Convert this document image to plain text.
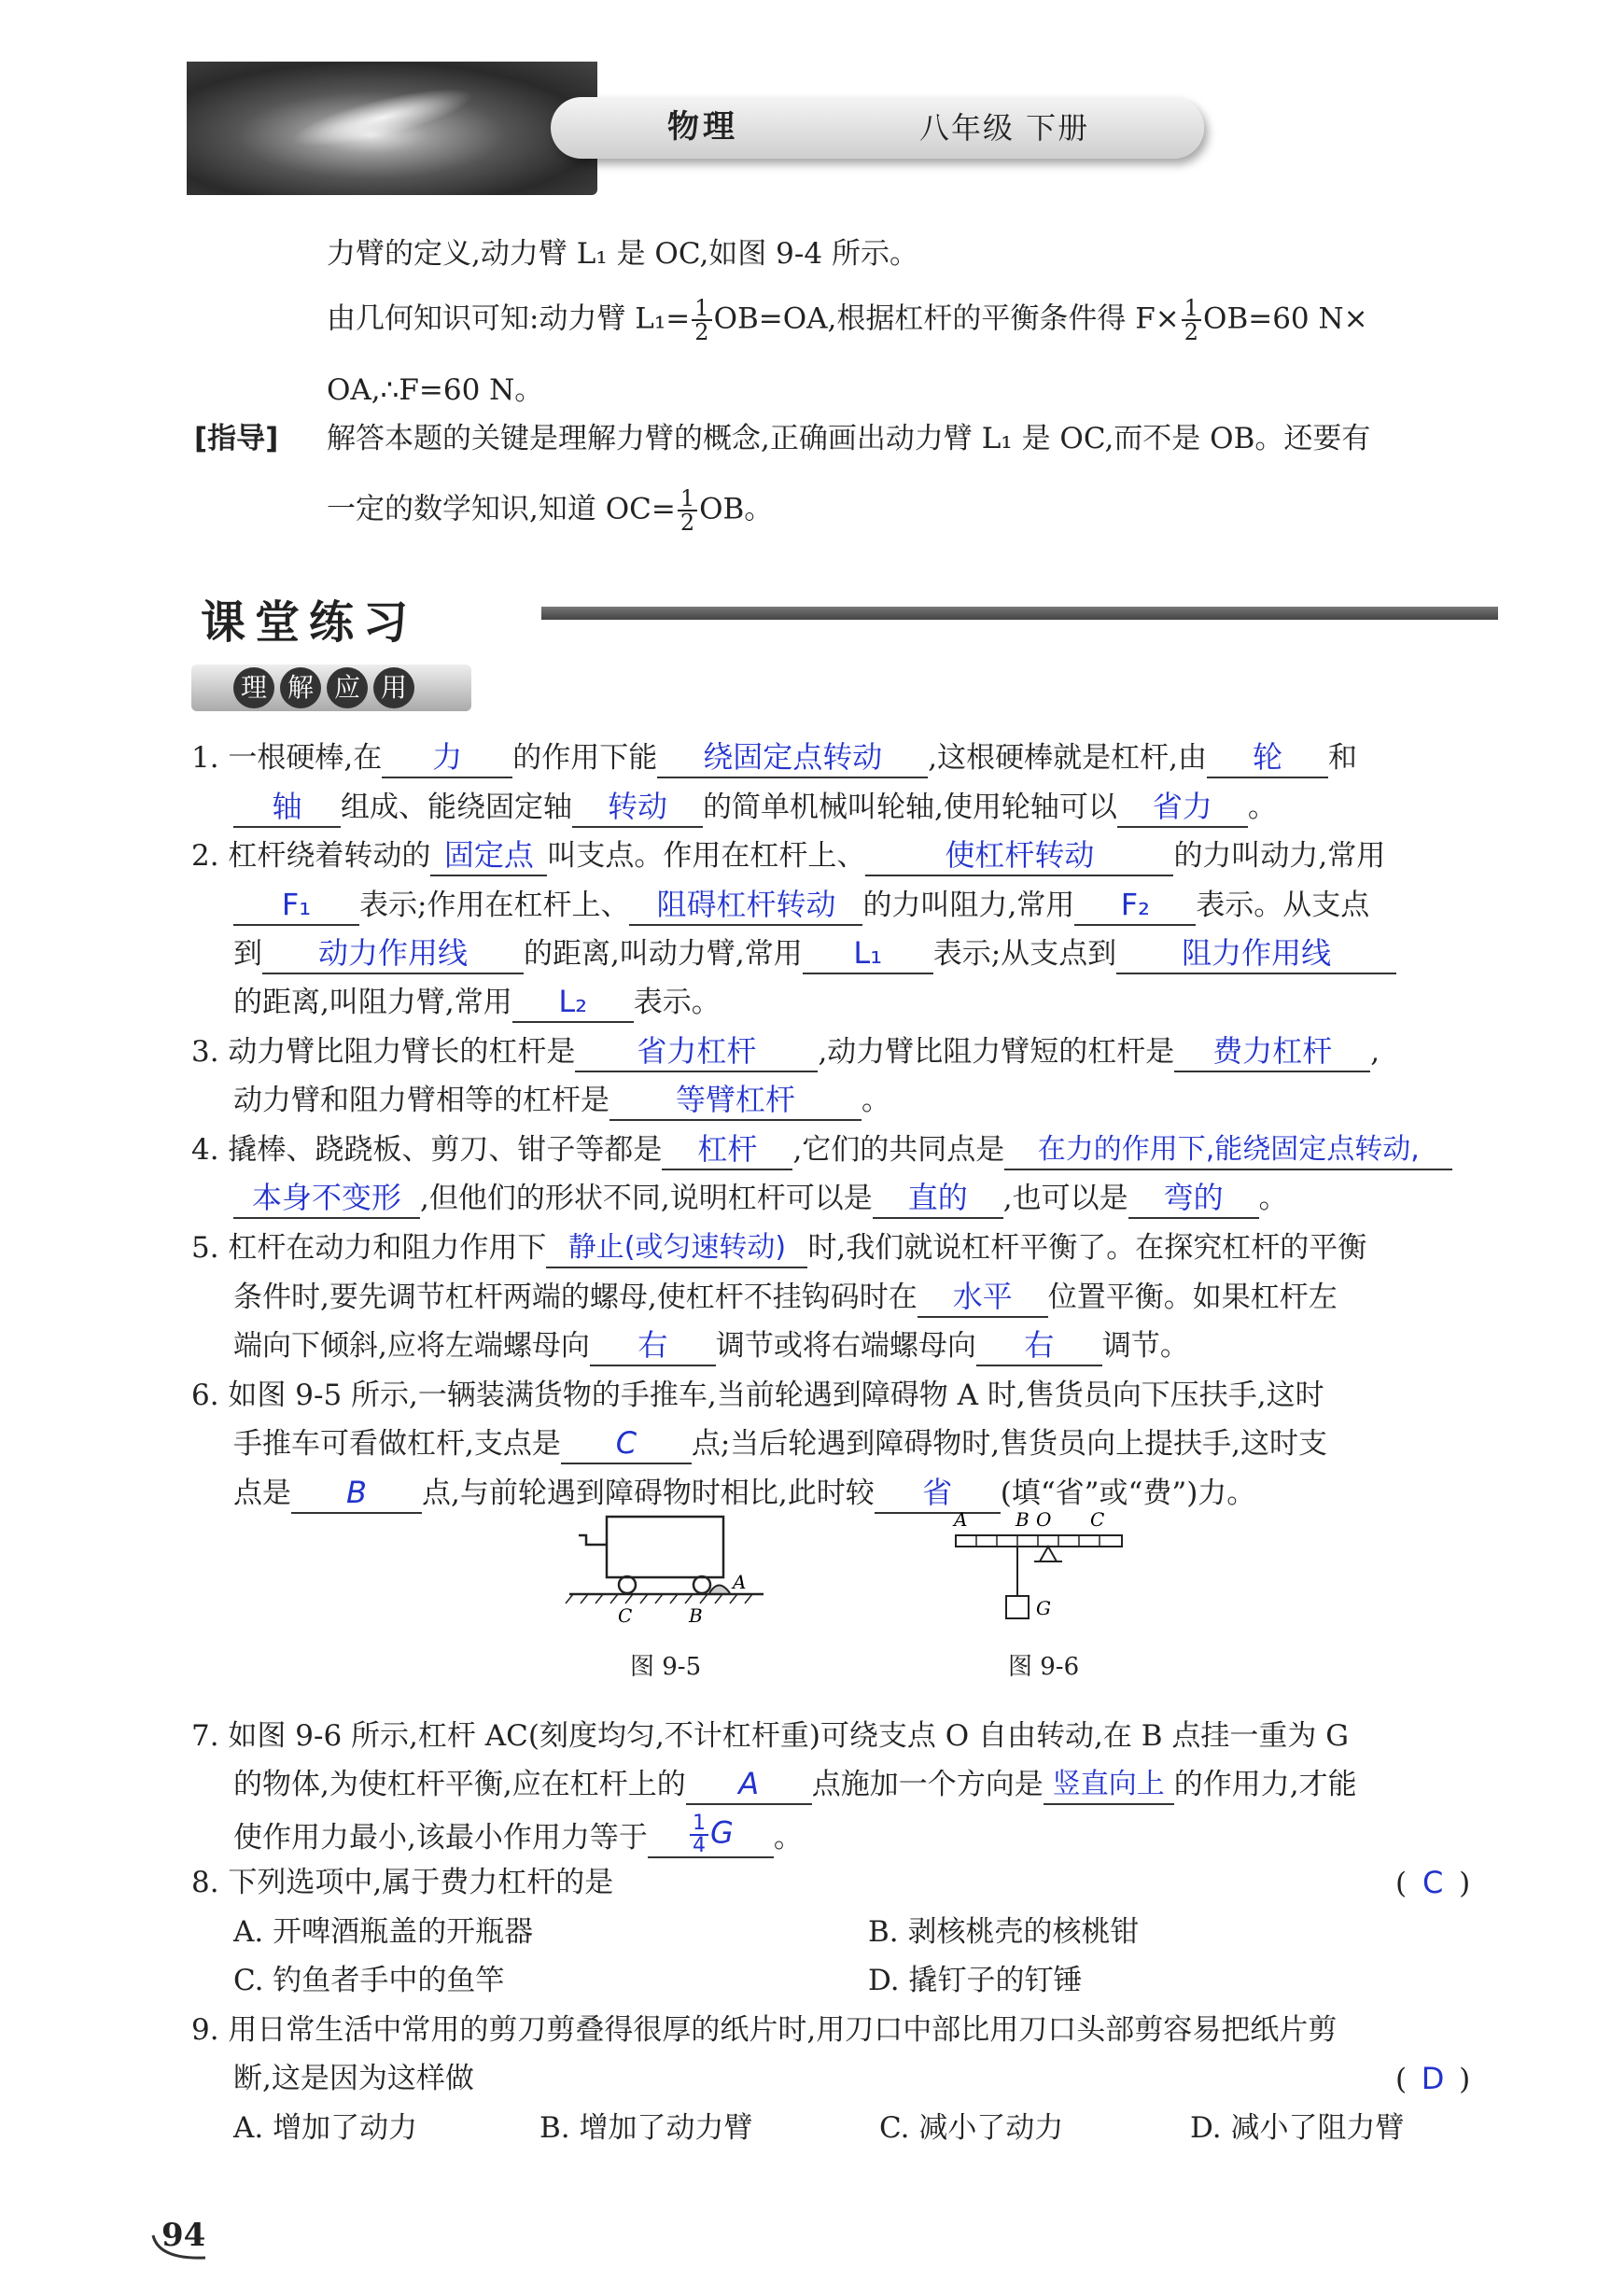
物理	八年级 下册
力臂的定义,动力臂 L₁ 是 OC,如图 9-4 所示。
由几何知识可知:动力臂 $L_1= \frac{1}{2} OB=OA$,根据杠杆的平衡条件得 $F\times \frac{1}{2} OB=60$ N×
OA,∴F=60 N。
[指导] 解答本题的关键是理解力臂的概念,正确画出动力臂 L₁ 是 OC,而不是 OB。还要有
一定的数学知识,知道 $OC= \frac{1}{2}$ OB。
课堂练习
理 解 应 用
1. 一根硬棒,在 力 的作用下能 绕固定点转动 ,这根硬棒就是杠杆,由 轮 和
轴 组成、能绕固定轴 转动 的简单机械叫轮轴,使用轮轴可以 省力 。
2. 杠杆绕着转动的 固定点 叫支点。作用在杠杆上、	使杠杆转动	的力叫动力,常用
F₁ 表示;作用在杠杆上、 阻碍杠杆转动 的力叫阻力,常用 F₂ 表示。从支点
到 动力作用线 的距离,叫动力臂,常用 L₁ 表示;从支点到 阻力作用线
的距离,叫阻力臂,常用 L₂ 表示。
3. 动力臂比阻力臂长的杠杆是 省力杠杆 ,动力臂比阻力臂短的杠杆是 费力杠杆 ,
动力臂和阻力臂相等的杠杆是 等臂杠杆 。
4. 撬棒、跷跷板、剪刀、钳子等都是 杠杆 ,它们的共同点是 在力的作用下,能绕固定点转动,
本身不变形 ,但他们的形状不同,说明杠杆可以是 直的 ,也可以是 弯的 。
5. 杠杆在动力和阻力作用下 静止(或匀速转动) 时,我们就说杠杆平衡了。在探究杠杆的平衡
条件时,要先调节杠杆两端的螺母,使杠杆不挂钩码时在 水平 位置平衡。如果杠杆左
端向下倾斜,应将左端螺母向 右 调节或将右端螺母向 右 调节。
6. 如图 9-5 所示,一辆装满货物的手推车,当前轮遇到障碍物 A 时,售货员向下压扶手,这时
手推车可看做杠杆,支点是 C 点;当后轮遇到障碍物时,售货员向上提扶手,这时支
点是 B 点,与前轮遇到障碍物时相比,此时较 省 (填“省”或“费”)力。
A
C	B
图 9-5
A	B O C
G
图 9-6
7. 如图 9-6 所示,杠杆 AC(刻度均匀,不计杠杆重)可绕支点 O 自由转动,在 B 点挂一重为 G
的物体,为使杠杆平衡,应在杠杆上的 A 点施加一个方向是 竖直向上 的作用力,才能
使作用力最小,该最小作用力等于 $\frac{1}{4}$ G 。
8. 下列选项中,属于费力杠杆的是	( C )
A. 开啤酒瓶盖的开瓶器	B. 剥核桃壳的核桃钳
C. 钓鱼者手中的鱼竿	D. 撬钉子的钉锤
9. 用日常生活中常用的剪刀剪叠得很厚的纸片时,用刀口中部比用刀口头部剪容易把纸片剪
断,这是因为这样做	( D )
A. 增加了动力	B. 增加了动力臂	C. 减小了动力	D. 减小了阻力臂
94
